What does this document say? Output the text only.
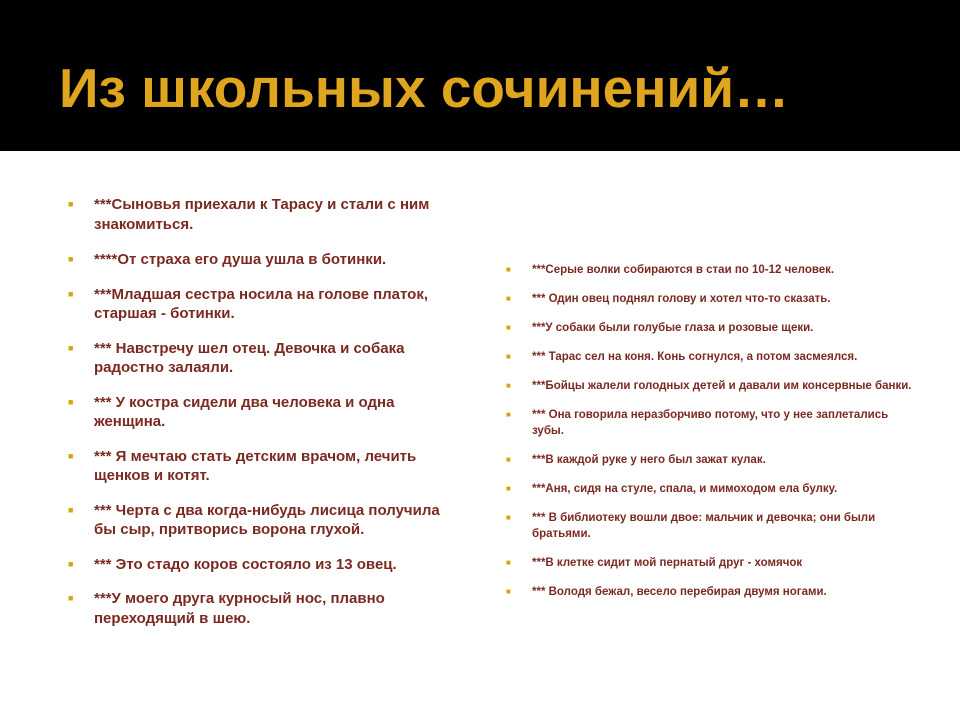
Из школьных сочинений…
■ ***Сыновья приехали к Тарасу и стали с ним знакомиться.
■ ****От страха его душа ушла в ботинки.
■ ***Младшая сестра носила на голове платок, старшая - ботинки.
■ *** Навстречу шел отец. Девочка и собака радостно залаяли.
■ *** У костра сидели два человека и одна женщина.
■ *** Я мечтаю стать детским врачом, лечить щенков и котят.
■ *** Черта с два когда-нибудь лисица получила бы сыр, притворись ворона глухой.
■ *** Это стадо коров состояло из 13 овец.
■ ***У моего друга курносый нос, плавно переходящий в шею.
■ ***Серые волки собираются в стаи по 10-12 человек.
■ *** Один овец поднял голову и хотел что-то сказать.
■ ***У собаки были голубые глаза и розовые щеки.
■ *** Тарас сел на коня. Конь согнулся, а потом засмеялся.
■ ***Бойцы жалели голодных детей и давали им консервные банки.
■ *** Она говорила неразборчиво потому, что у нее заплетались зубы.
■ ***В каждой руке у него был зажат кулак.
■ ***Аня, сидя на стуле, спала, и мимоходом ела булку.
■ *** В библиотеку вошли двое: мальчик и девочка; они были братьями.
■ ***В клетке сидит мой пернатый друг - хомячок
■ *** Володя бежал, весело перебирая двумя ногами.
